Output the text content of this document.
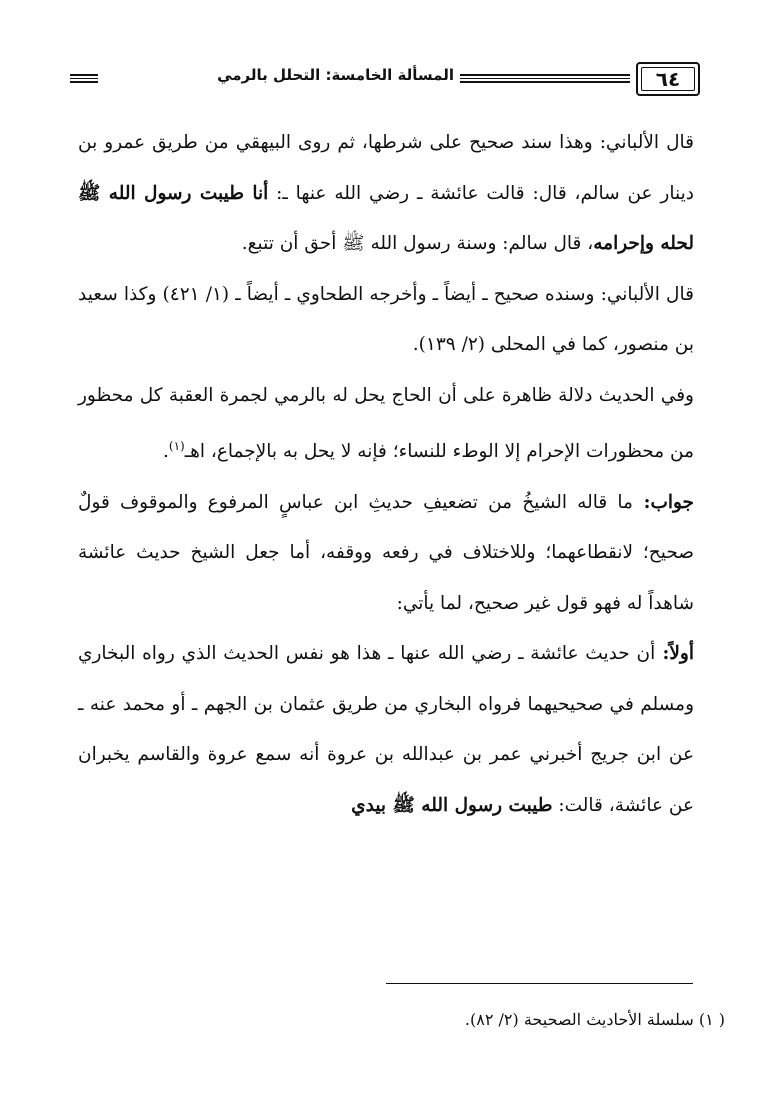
المسألة الخامسة: التحلل بالرمي	٦٤

قال الألباني: وهذا سند صحيح على شرطها، ثم روى البيهقي من طريق عمرو بن دينار عن سالم، قال: قالت عائشة ـ رضي الله عنها ـ: أنا طيبت رسول الله ﷺ لحله وإحرامه، قال سالم: وسنة رسول الله ﷺ أحق أن تتبع.

قال الألباني: وسنده صحيح ـ أيضاً ـ وأخرجه الطحاوي ـ أيضاً ـ (١/ ٤٢١) وكذا سعيد بن منصور، كما في المحلى (٢/ ١٣٩).

وفي الحديث دلالة ظاهرة على أن الحاج يحل له بالرمي لجمرة العقبة كل محظور من محظورات الإحرام إلا الوطء للنساء؛ فإنه لا يحل به بالإجماع، اهـ$^{(١)}$.

جواب: ما قاله الشيخُ من تضعيفِ حديثِ ابن عباسٍ المرفوع والموقوف قولٌ صحيح؛ لانقطاعهما؛ وللاختلاف في رفعه ووقفه، أما جعل الشيخ حديث عائشة شاهداً له فهو قول غير صحيح، لما يأتي:

أولاً: أن حديث عائشة ـ رضي الله عنها ـ هذا هو نفس الحديث الذي رواه البخاري ومسلم في صحيحيهما فرواه البخاري من طريق عثمان بن الجهم ـ أو محمد عنه ـ عن ابن جريج أخبرني عمر بن عبدالله بن عروة أنه سمع عروة والقاسم يخبران عن عائشة، قالت: طيبت رسول الله ﷺ بيدي

( ١) سلسلة الأحاديث الصحيحة (٢/ ٨٢).
